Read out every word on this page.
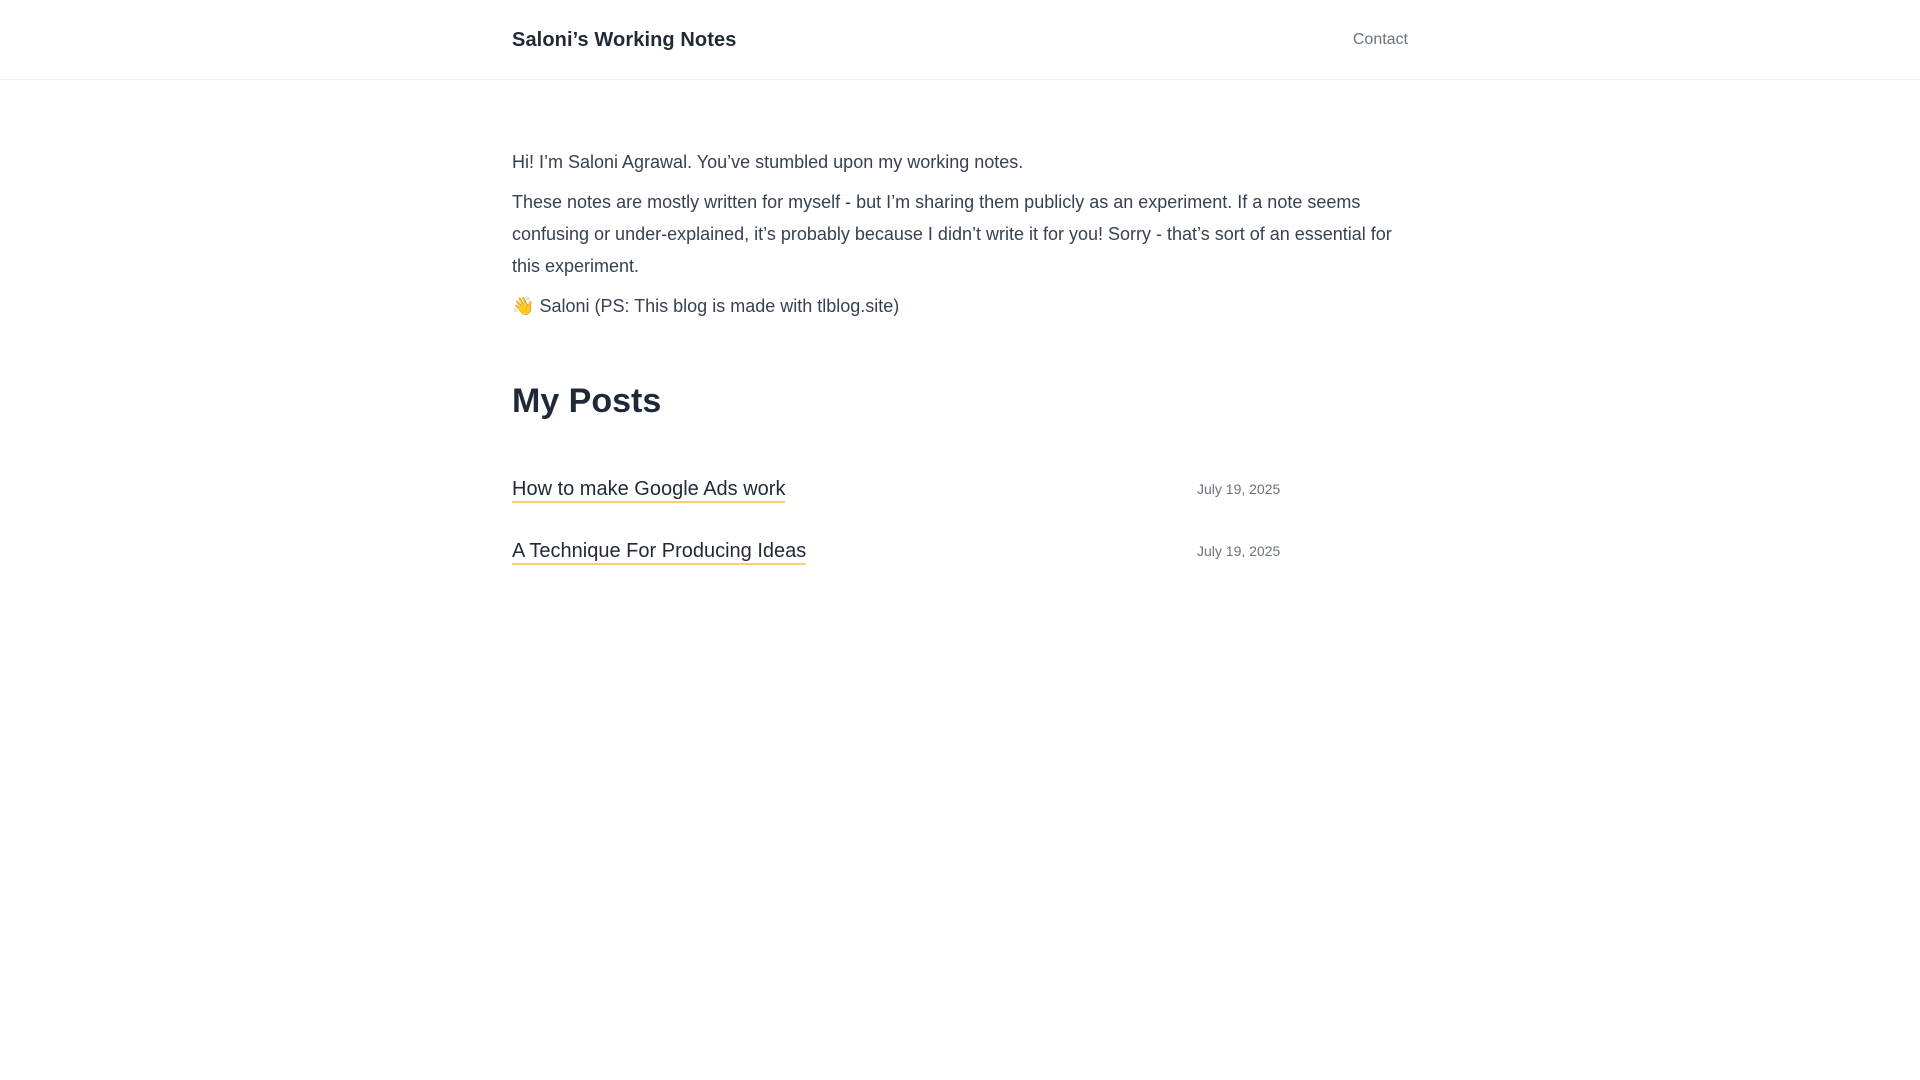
Saloni’s Working Notes	Contact

Hi! I’m Saloni Agrawal. You’ve stumbled upon my working notes.

These notes are mostly written for myself - but I’m sharing them publicly as an experiment. If a note seems confusing or under-explained, it’s probably because I didn’t write it for you! Sorry - that’s sort of an essential for this experiment.

👋 Saloni (PS: This blog is made with tlblog.site)

My Posts
How to make Google Ads work	July 19, 2025
A Technique For Producing Ideas	July 19, 2025
